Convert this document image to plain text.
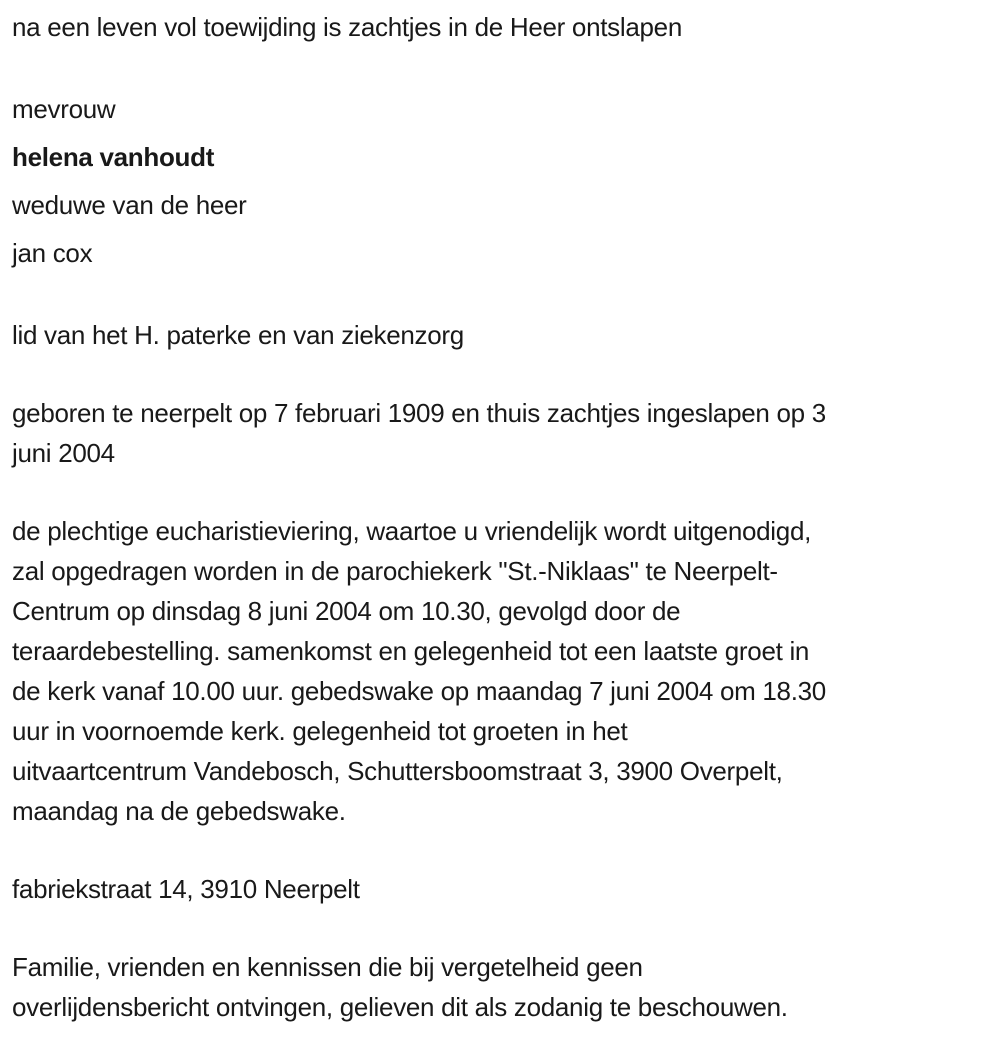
na een leven vol toewijding is zachtjes in de Heer ontslapen

mevrouw
helena vanhoudt
weduwe van de heer
jan cox

lid van het H. paterke en van ziekenzorg

geboren te neerpelt op 7 februari 1909 en thuis zachtjes ingeslapen op 3
juni 2004

de plechtige eucharistieviering, waartoe u vriendelijk wordt uitgenodigd,
zal opgedragen worden in de parochiekerk "St.-Niklaas" te Neerpelt-
Centrum op dinsdag 8 juni 2004 om 10.30, gevolgd door de
teraardebestelling. samenkomst en gelegenheid tot een laatste groet in
de kerk vanaf 10.00 uur. gebedswake op maandag 7 juni 2004 om 18.30
uur in voornoemde kerk. gelegenheid tot groeten in het
uitvaartcentrum Vandebosch, Schuttersboomstraat 3, 3900 Overpelt,
maandag na de gebedswake.

fabriekstraat 14, 3910 Neerpelt

Familie, vrienden en kennissen die bij vergetelheid geen
overlijdensbericht ontvingen, gelieven dit als zodanig te beschouwen.
